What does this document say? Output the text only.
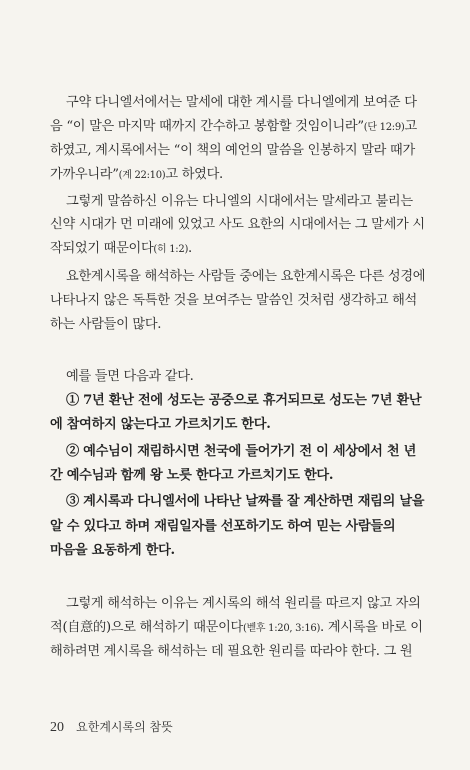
구약 다니엘서에서는 말세에 대한 계시를 다니엘에게 보여준 다
음 “이 말은 마지막 때까지 간수하고 봉함할 것임이니라”(단 12:9)고
하였고, 계시록에서는 “이 책의 예언의 말씀을 인봉하지 말라 때가
가까우니라”(계 22:10)고 하였다.
그렇게 말씀하신 이유는 다니엘의 시대에서는 말세라고 불리는
신약 시대가 먼 미래에 있었고 사도 요한의 시대에서는 그 말세가 시
작되었기 때문이다(히 1:2).
요한계시록을 해석하는 사람들 중에는 요한계시록은 다른 성경에
나타나지 않은 독특한 것을 보여주는 말씀인 것처럼 생각하고 해석
하는 사람들이 많다.
예를 들면 다음과 같다.
① 7년 환난 전에 성도는 공중으로 휴거되므로 성도는 7년 환난
에 참여하지 않는다고 가르치기도 한다.
② 예수님이 재림하시면 천국에 들어가기 전 이 세상에서 천 년
간 예수님과 함께 왕 노릇 한다고 가르치기도 한다.
③ 계시록과 다니엘서에 나타난 날짜를 잘 계산하면 재림의 날을
알 수 있다고 하며 재림일자를 선포하기도 하여 믿는 사람들의
마음을 요동하게 한다.
그렇게 해석하는 이유는 계시록의 해석 원리를 따르지 않고 자의
적(自意的)으로 해석하기 때문이다(벧후 1:20, 3:16). 계시록을 바로 이
해하려면 계시록을 해석하는 데 필요한 원리를 따라야 한다. 그 원
20 요한계시록의 참뜻
